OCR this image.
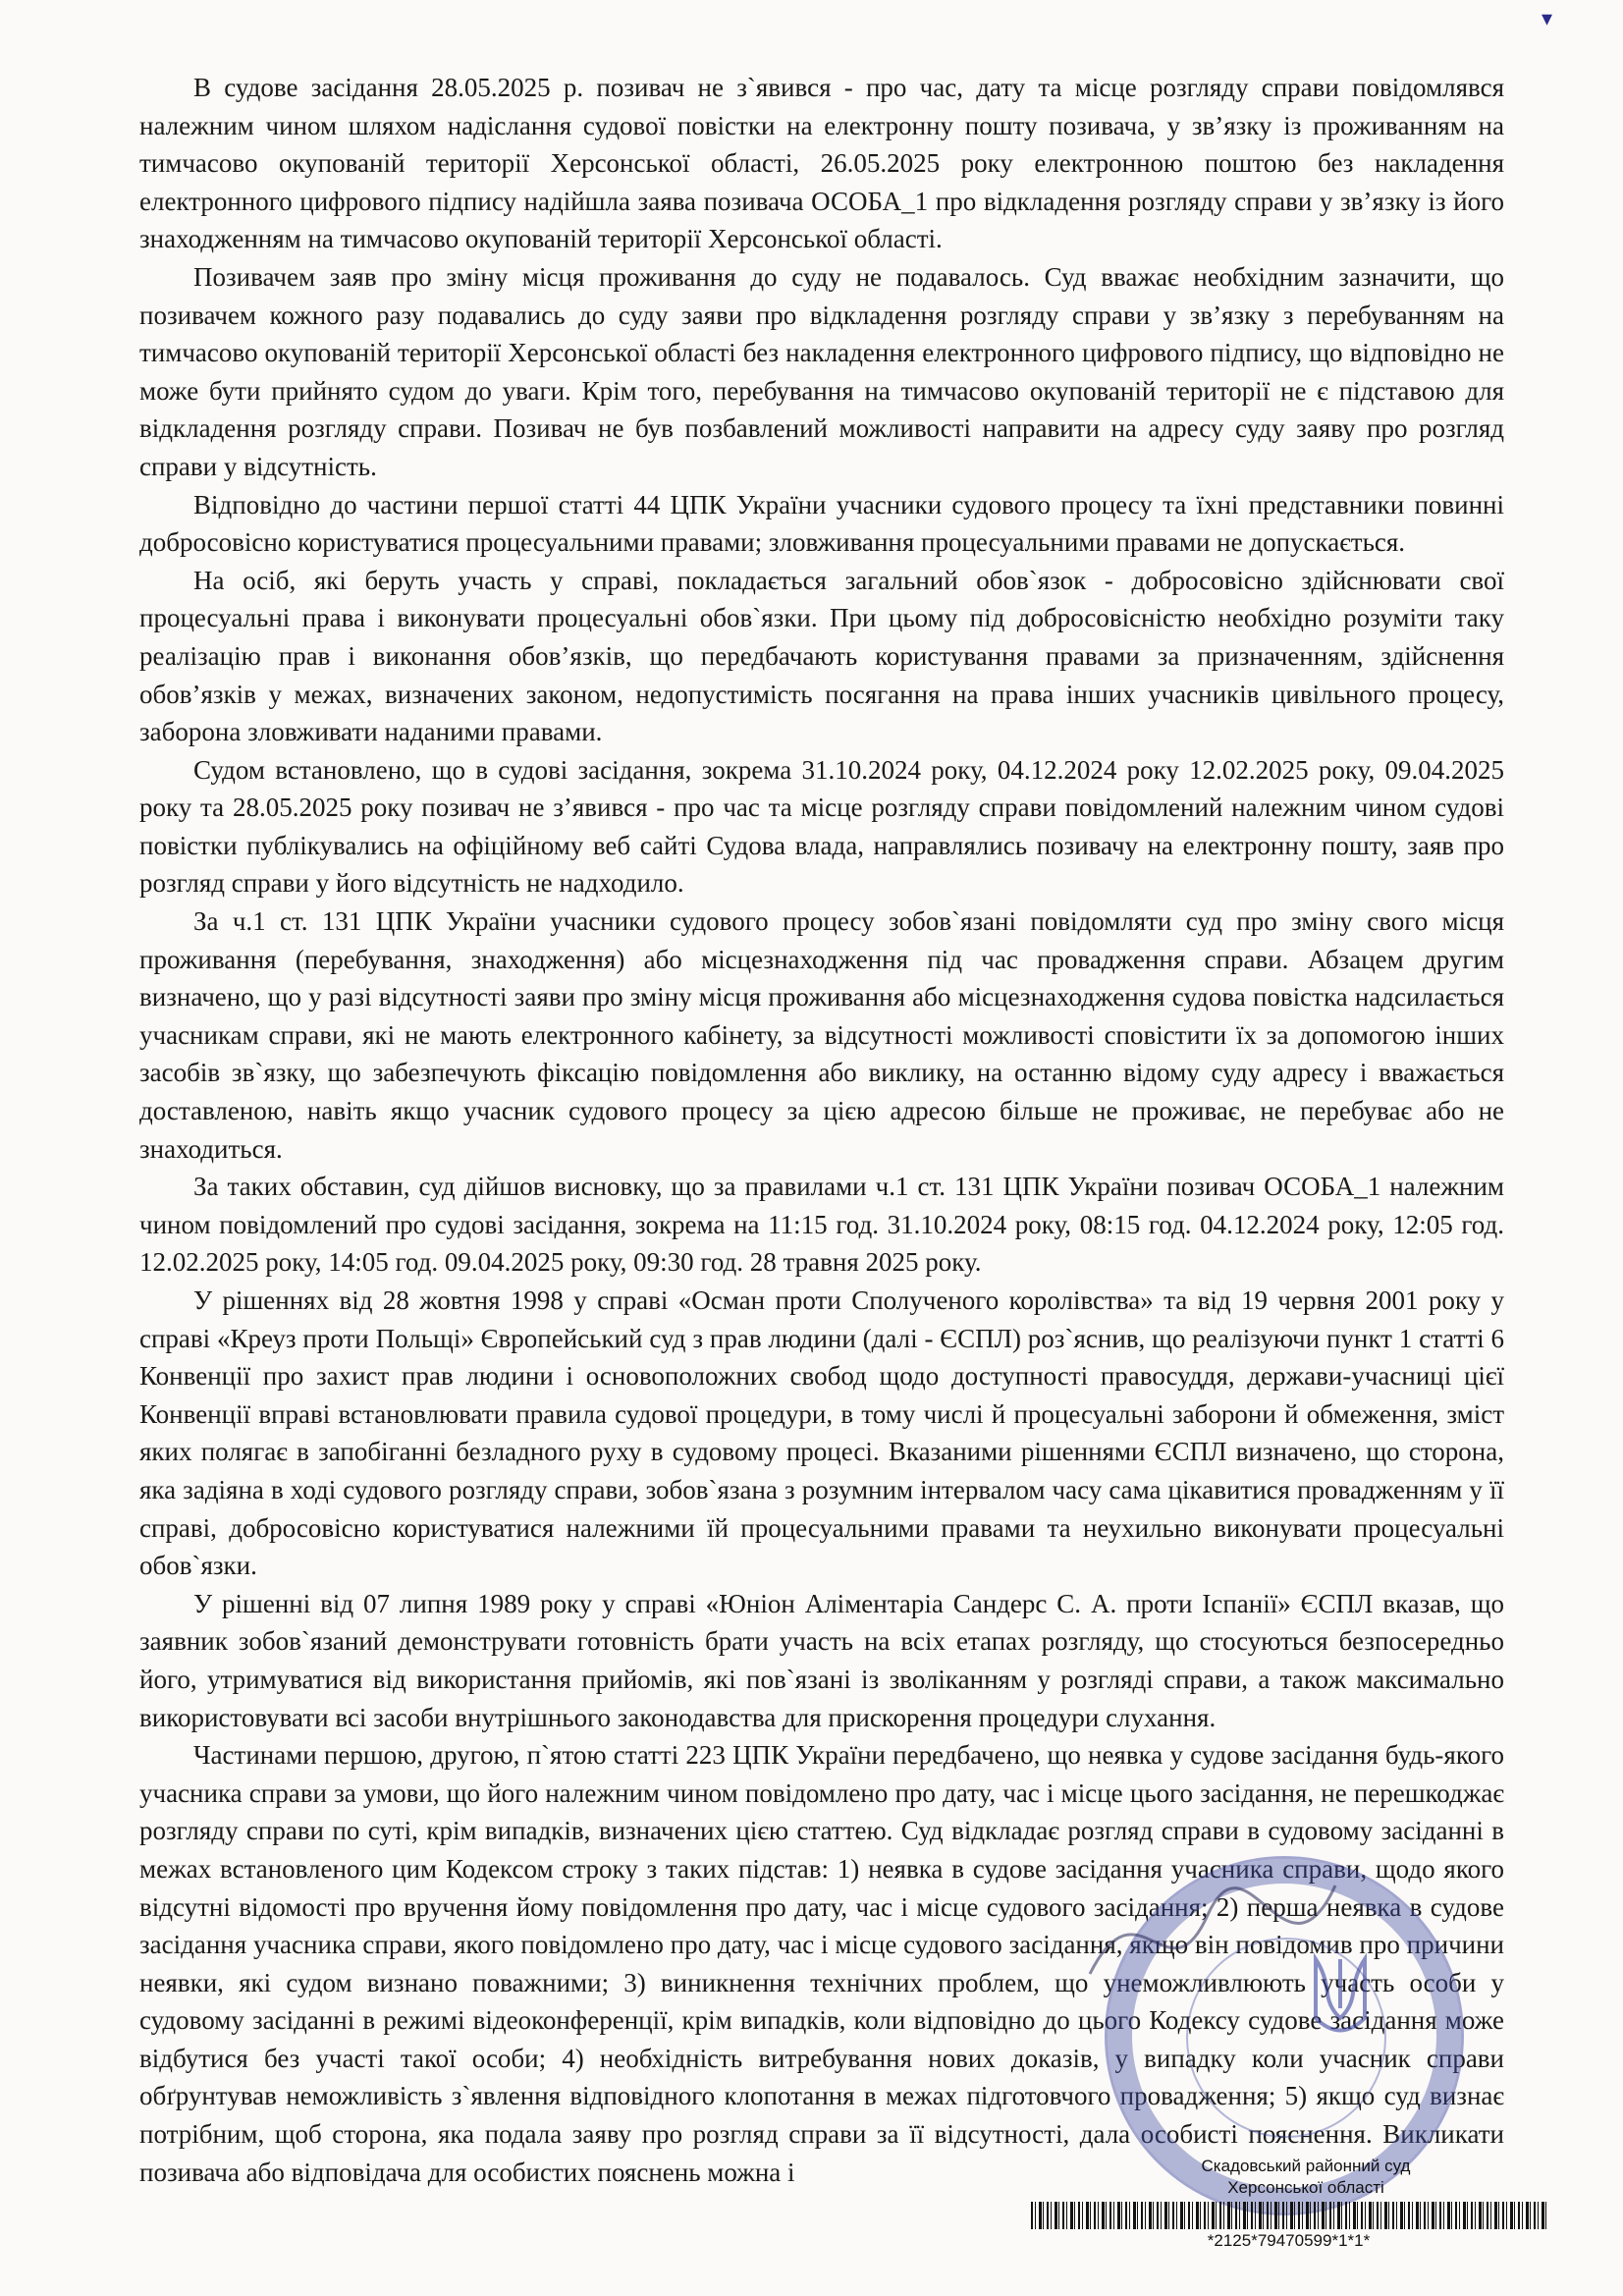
▾

В судове засідання 28.05.2025 р. позивач не з`явився - про час, дату та місце розгляду справи повідомлявся належним чином шляхом надіслання судової повістки на електронну пошту позивача, у зв’язку із проживанням на тимчасово окупованій території Херсонської області, 26.05.2025 року електронною поштою без накладення електронного цифрового підпису надійшла заява позивача ОСОБА_1 про відкладення розгляду справи у зв’язку із його знаходженням на тимчасово окупованій території Херсонської області.

Позивачем заяв про зміну місця проживання до суду не подавалось. Суд вважає необхідним зазначити, що позивачем кожного разу подавались до суду заяви про відкладення розгляду справи у зв’язку з перебуванням на тимчасово окупованій території Херсонської області без накладення електронного цифрового підпису, що відповідно не може бути прийнято судом до уваги. Крім того, перебування на тимчасово окупованій території не є підставою для відкладення розгляду справи. Позивач не був позбавлений можливості направити на адресу суду заяву про розгляд справи у відсутність.

Відповідно до частини першої статті 44 ЦПК України учасники судового процесу та їхні представники повинні добросовісно користуватися процесуальними правами; зловживання процесуальними правами не допускається.

На осіб, які беруть участь у справі, покладається загальний обов`язок - добросовісно здійснювати свої процесуальні права і виконувати процесуальні обов`язки. При цьому під добросовісністю необхідно розуміти таку реалізацію прав і виконання обов’язків, що передбачають користування правами за призначенням, здійснення обов’язків у межах, визначених законом, недопустимість посягання на права інших учасників цивільного процесу, заборона зловживати наданими правами.

Судом встановлено, що в судові засідання, зокрема 31.10.2024 року, 04.12.2024 року 12.02.2025 року, 09.04.2025 року та 28.05.2025 року позивач не з’явився - про час та місце розгляду справи повідомлений належним чином судові повістки публікувались на офіційному веб сайті Судова влада, направлялись позивачу на електронну пошту, заяв про розгляд справи у його відсутність не надходило.

За ч.1 ст. 131 ЦПК України учасники судового процесу зобов`язані повідомляти суд про зміну свого місця проживання (перебування, знаходження) або місцезнаходження під час провадження справи. Абзацем другим визначено, що у разі відсутності заяви про зміну місця проживання або місцезнаходження судова повістка надсилається учасникам справи, які не мають електронного кабінету, за відсутності можливості сповістити їх за допомогою інших засобів зв`язку, що забезпечують фіксацію повідомлення або виклику, на останню відому суду адресу і вважається доставленою, навіть якщо учасник судового процесу за цією адресою більше не проживає, не перебуває або не знаходиться.

За таких обставин, суд дійшов висновку, що за правилами ч.1 ст. 131 ЦПК України позивач ОСОБА_1 належним чином повідомлений про судові засідання, зокрема на 11:15 год. 31.10.2024 року, 08:15 год. 04.12.2024 року, 12:05 год. 12.02.2025 року, 14:05 год. 09.04.2025 року, 09:30 год. 28 травня 2025 року.

У рішеннях від 28 жовтня 1998 у справі «Осман проти Сполученого королівства» та від 19 червня 2001 року у справі «Креуз проти Польщі» Європейський суд з прав людини (далі - ЄСПЛ) роз`яснив, що реалізуючи пункт 1 статті 6 Конвенції про захист прав людини і основоположних свобод щодо доступності правосуддя, держави-учасниці цієї Конвенції вправі встановлювати правила судової процедури, в тому числі й процесуальні заборони й обмеження, зміст яких полягає в запобіганні безладного руху в судовому процесі. Вказаними рішеннями ЄСПЛ визначено, що сторона, яка задіяна в ході судового розгляду справи, зобов`язана з розумним інтервалом часу сама цікавитися провадженням у її справі, добросовісно користуватися належними їй процесуальними правами та неухильно виконувати процесуальні обов`язки.

У рішенні від 07 липня 1989 року у справі «Юніон Аліментаріа Сандерс С. А. проти Іспанії» ЄСПЛ вказав, що заявник зобов`язаний демонструвати готовність брати участь на всіх етапах розгляду, що стосуються безпосередньо його, утримуватися від використання прийомів, які пов`язані із зволіканням у розгляді справи, а також максимально використовувати всі засоби внутрішнього законодавства для прискорення процедури слухання.

Частинами першою, другою, п`ятою статті 223 ЦПК України передбачено, що неявка у судове засідання будь-якого учасника справи за умови, що його належним чином повідомлено про дату, час і місце цього засідання, не перешкоджає розгляду справи по суті, крім випадків, визначених цією статтею. Суд відкладає розгляд справи в судовому засіданні в межах встановленого цим Кодексом строку з таких підстав: 1) неявка в судове засідання учасника справи, щодо якого відсутні відомості про вручення йому повідомлення про дату, час і місце судового засідання; 2) перша неявка в судове засідання учасника справи, якого повідомлено про дату, час і місце судового засідання, якщо він повідомив про причини неявки, які судом визнано поважними; 3) виникнення технічних проблем, що унеможливлюють участь особи у судовому засіданні в режимі відеоконференції, крім випадків, коли відповідно до цього Кодексу судове засідання може відбутися без участі такої особи; 4) необхідність витребування нових доказів, у випадку коли учасник справи обґрунтував неможливість з`явлення відповідного клопотання в межах підготовчого провадження; 5) якщо суд визнає потрібним, щоб сторона, яка подала заяву про розгляд справи за її відсутності, дала особисті пояснення. Викликати позивача або відповідача для особистих пояснень можна і	Скадовський районний суд
Херсонської області
*2125*79470599*1*1*
